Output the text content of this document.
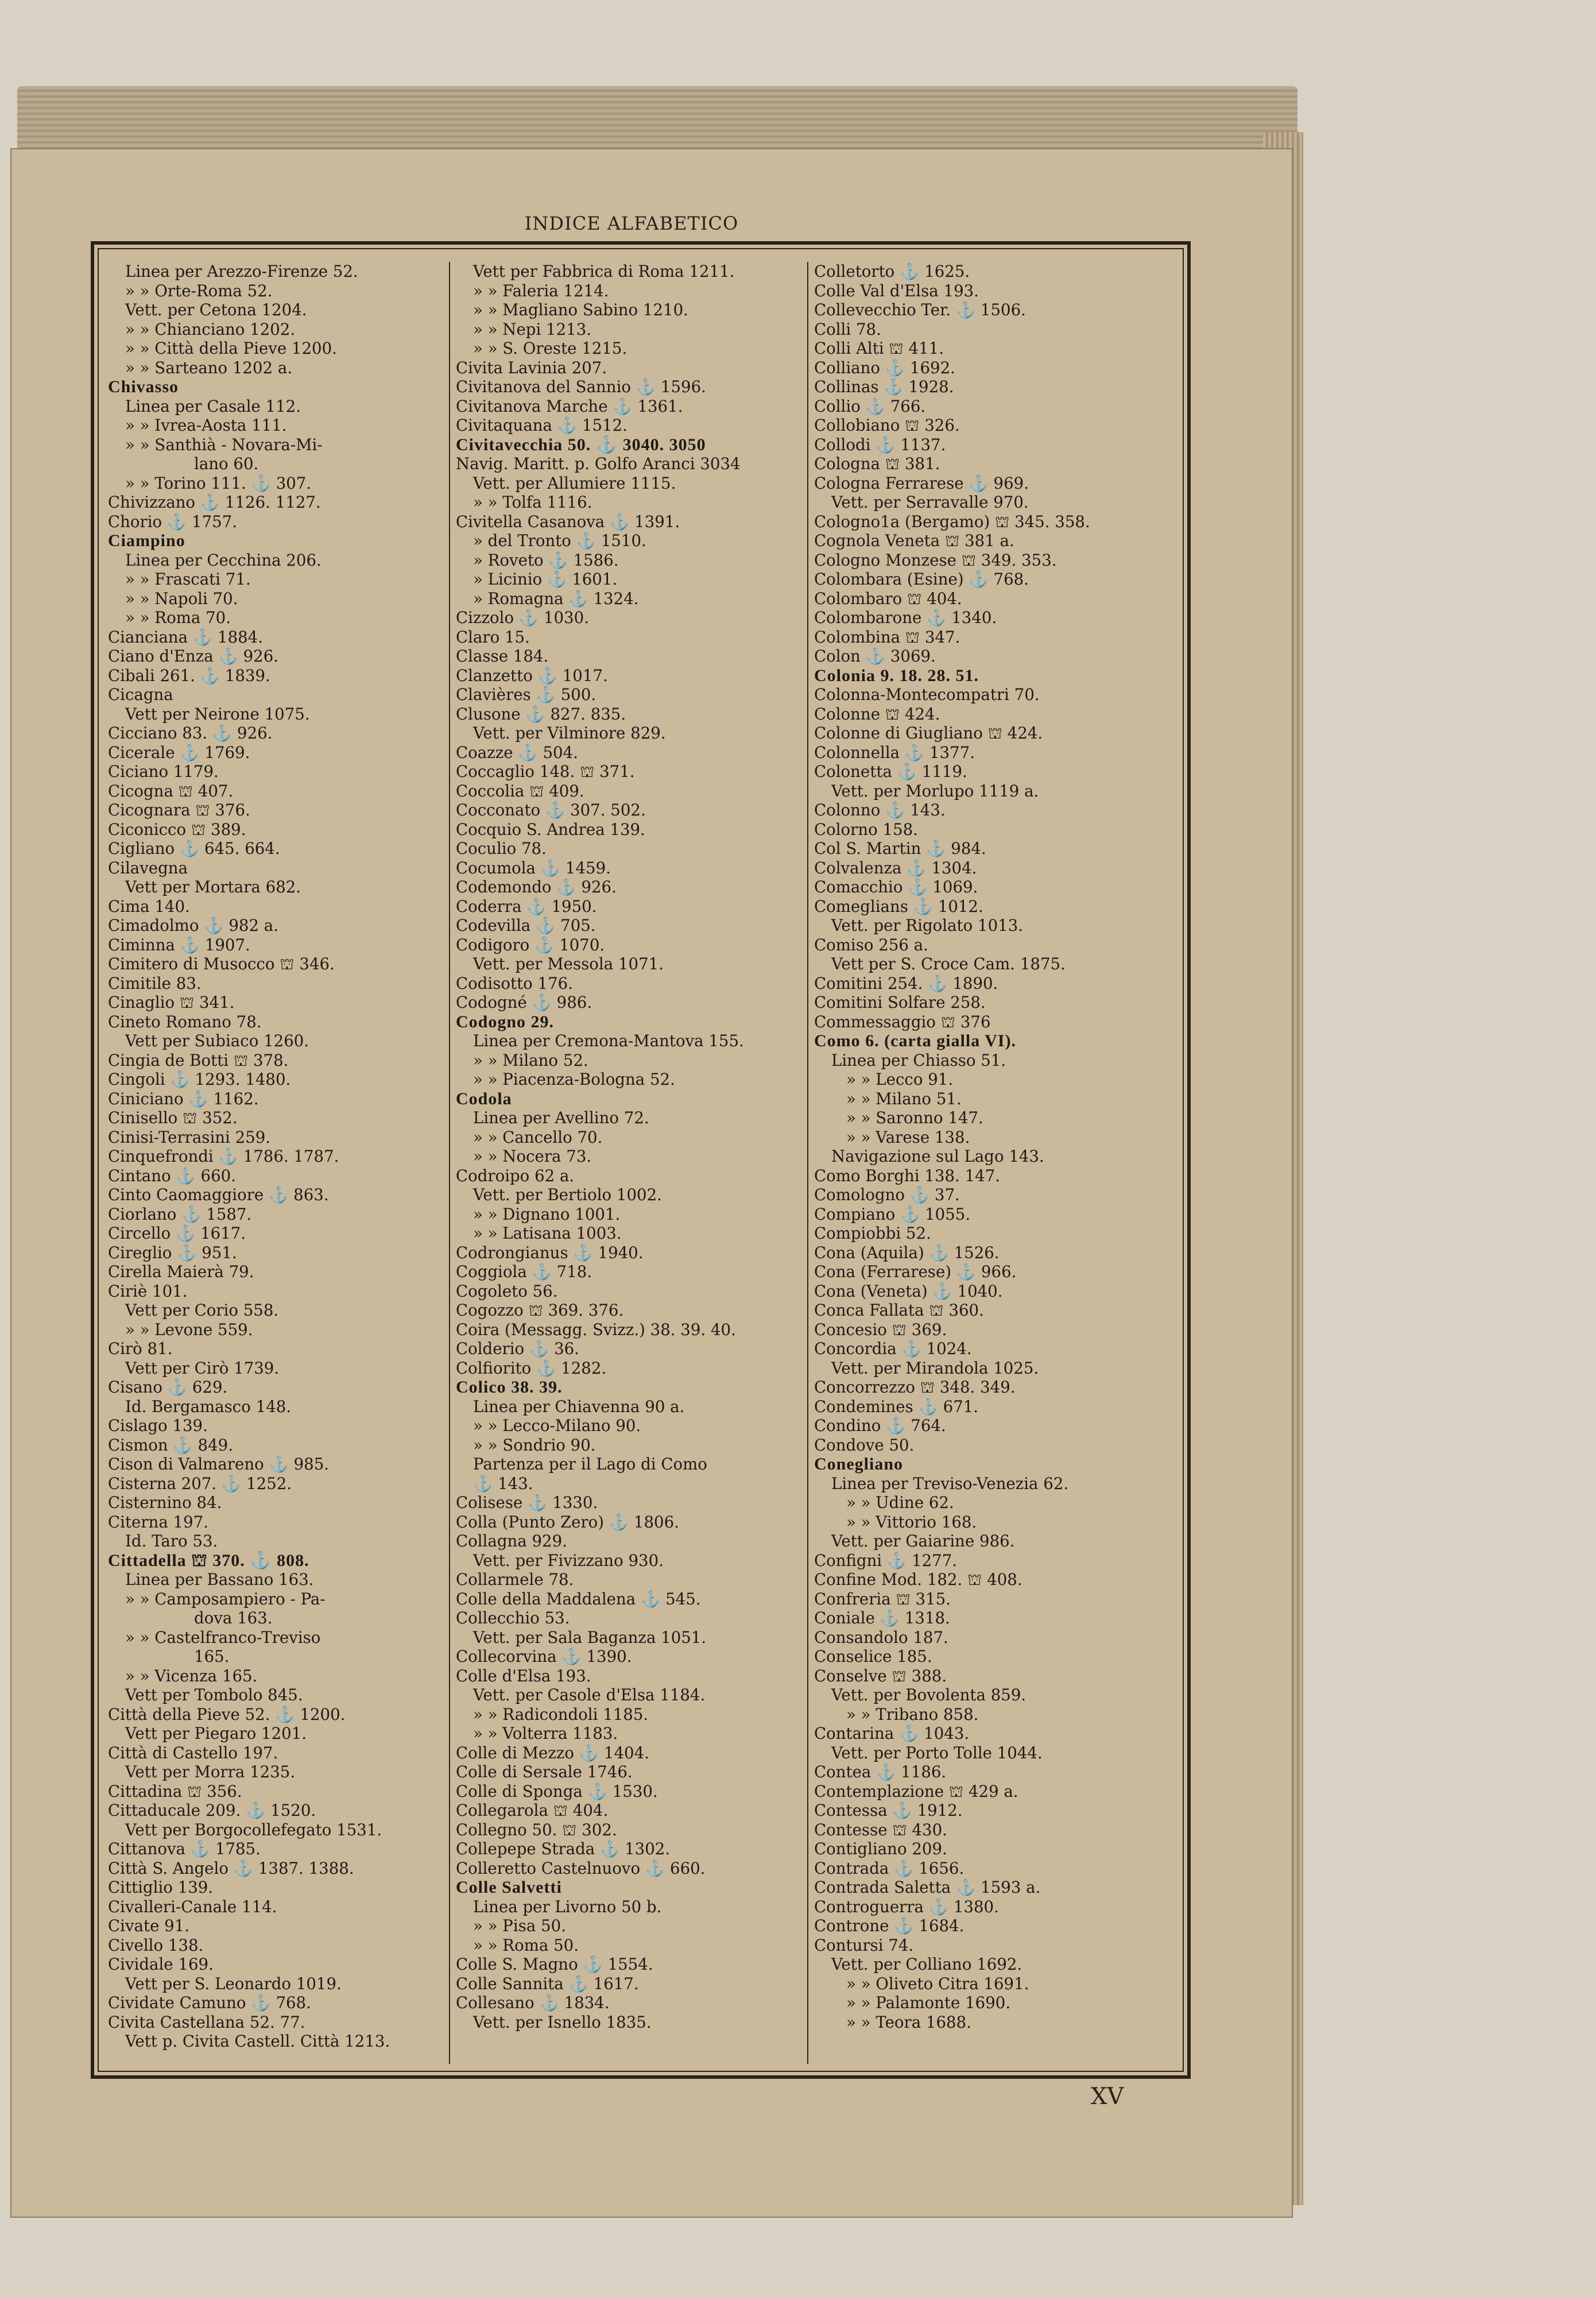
INDICE ALFABETICO
Linea per Arezzo-Firenze 52.
» » Orte-Roma 52.
Vett. per Cetona 1204.
» » Chianciano 1202.
» » Città della Pieve 1200.
» » Sarteano 1202 a.
Chivasso
Linea per Casale 112.
» » Ivrea-Aosta 111.
» » Santhià - Novara-Mi-
lano 60.
» » Torino 111. ⚓ 307.
Chivizzano ⚓ 1126. 1127.
Chorio ⚓ 1757.
Ciampino
Linea per Cecchina 206.
» » Frascati 71.
» » Napoli 70.
» » Roma 70.
Cianciana ⚓ 1884.
Ciano d'Enza ⚓ 926.
Cibali 261. ⚓ 1839.
Cicagna
Vett per Neirone 1075.
Cicciano 83. ⚓ 926.
Cicerale ⚓ 1769.
Ciciano 1179.
Cicogna ⛫ 407.
Cicognara ⛫ 376.
Ciconicco ⛫ 389.
Cigliano ⚓ 645. 664.
Cilavegna
Vett per Mortara 682.
Cima 140.
Cimadolmo ⚓ 982 a.
Ciminna ⚓ 1907.
Cimitero di Musocco ⛫ 346.
Cimitile 83.
Cinaglio ⛫ 341.
Cineto Romano 78.
Vett per Subiaco 1260.
Cingia de Botti ⛫ 378.
Cingoli ⚓ 1293. 1480.
Ciniciano ⚓ 1162.
Cinisello ⛫ 352.
Cinisi-Terrasini 259.
Cinquefrondi ⚓ 1786. 1787.
Cintano ⚓ 660.
Cinto Caomaggiore ⚓ 863.
Ciorlano ⚓ 1587.
Circello ⚓ 1617.
Cireglio ⚓ 951.
Cirella Maierà 79.
Ciriè 101.
Vett per Corio 558.
» » Levone 559.
Cirò 81.
Vett per Cirò 1739.
Cisano ⚓ 629.
Id. Bergamasco 148.
Cislago 139.
Cismon ⚓ 849.
Cison di Valmareno ⚓ 985.
Cisterna 207. ⚓ 1252.
Cisternino 84.
Citerna 197.
Id. Taro 53.
Cittadella ⛫ 370. ⚓ 808.
Linea per Bassano 163.
» » Camposampiero - Pa-
dova 163.
» » Castelfranco-Treviso
165.
» » Vicenza 165.
Vett per Tombolo 845.
Città della Pieve 52. ⚓ 1200.
Vett per Piegaro 1201.
Città di Castello 197.
Vett per Morra 1235.
Cittadina ⛫ 356.
Cittaducale 209. ⚓ 1520.
Vett per Borgocollefegato 1531.
Cittanova ⚓ 1785.
Città S. Angelo ⚓ 1387. 1388.
Cittiglio 139.
Civalleri-Canale 114.
Civate 91.
Civello 138.
Cividale 169.
Vett per S. Leonardo 1019.
Cividate Camuno ⚓ 768.
Civita Castellana 52. 77.
Vett p. Civita Castell. Città 1213.
Vett per Fabbrica di Roma 1211.
» » Faleria 1214.
» » Magliano Sabino 1210.
» » Nepi 1213.
» » S. Oreste 1215.
Civita Lavinia 207.
Civitanova del Sannio ⚓ 1596.
Civitanova Marche ⚓ 1361.
Civitaquana ⚓ 1512.
Civitavecchia 50. ⚓ 3040. 3050
Navig. Maritt. p. Golfo Aranci 3034
Vett. per Allumiere 1115.
» » Tolfa 1116.
Civitella Casanova ⚓ 1391.
» del Tronto ⚓ 1510.
» Roveto ⚓ 1586.
» Licinio ⚓ 1601.
» Romagna ⚓ 1324.
Cizzolo ⚓ 1030.
Claro 15.
Classe 184.
Clanzetto ⚓ 1017.
Clavières ⚓ 500.
Clusone ⚓ 827. 835.
Vett. per Vilminore 829.
Coazze ⚓ 504.
Coccaglio 148. ⛫ 371.
Coccolia ⛫ 409.
Cocconato ⚓ 307. 502.
Cocquio S. Andrea 139.
Coculio 78.
Cocumola ⚓ 1459.
Codemondo ⚓ 926.
Coderra ⚓ 1950.
Codevilla ⚓ 705.
Codigoro ⚓ 1070.
Vett. per Messola 1071.
Codisotto 176.
Codogné ⚓ 986.
Codogno 29.
Linea per Cremona-Mantova 155.
» » Milano 52.
» » Piacenza-Bologna 52.
Codola
Linea per Avellino 72.
» » Cancello 70.
» » Nocera 73.
Codroipo 62 a.
Vett. per Bertiolo 1002.
» » Dignano 1001.
» » Latisana 1003.
Codrongianus ⚓ 1940.
Coggiola ⚓ 718.
Cogoleto 56.
Cogozzo ⛫ 369. 376.
Coira (Messagg. Svizz.) 38. 39. 40.
Colderio ⚓ 36.
Colfiorito ⚓ 1282.
Colico 38. 39.
Linea per Chiavenna 90 a.
» » Lecco-Milano 90.
» » Sondrio 90.
Partenza per il Lago di Como
⚓ 143.
Colisese ⚓ 1330.
Colla (Punto Zero) ⚓ 1806.
Collagna 929.
Vett. per Fivizzano 930.
Collarmele 78.
Colle della Maddalena ⚓ 545.
Collecchio 53.
Vett. per Sala Baganza 1051.
Collecorvina ⚓ 1390.
Colle d'Elsa 193.
Vett. per Casole d'Elsa 1184.
» » Radicondoli 1185.
» » Volterra 1183.
Colle di Mezzo ⚓ 1404.
Colle di Sersale 1746.
Colle di Sponga ⚓ 1530.
Collegarola ⛫ 404.
Collegno 50. ⛫ 302.
Collepepe Strada ⚓ 1302.
Colleretto Castelnuovo ⚓ 660.
Colle Salvetti
Linea per Livorno 50 b.
» » Pisa 50.
» » Roma 50.
Colle S. Magno ⚓ 1554.
Colle Sannita ⚓ 1617.
Collesano ⚓ 1834.
Vett. per Isnello 1835.
Colletorto ⚓ 1625.
Colle Val d'Elsa 193.
Collevecchio Ter. ⚓ 1506.
Colli 78.
Colli Alti ⛫ 411.
Colliano ⚓ 1692.
Collinas ⚓ 1928.
Collio ⚓ 766.
Collobiano ⛫ 326.
Collodi ⚓ 1137.
Cologna ⛫ 381.
Cologna Ferrarese ⚓ 969.
Vett. per Serravalle 970.
Cologno1a (Bergamo) ⛫ 345. 358.
Cognola Veneta ⛫ 381 a.
Cologno Monzese ⛫ 349. 353.
Colombara (Esine) ⚓ 768.
Colombaro ⛫ 404.
Colombarone ⚓ 1340.
Colombina ⛫ 347.
Colon ⚓ 3069.
Colonia 9. 18. 28. 51.
Colonna-Montecompatri 70.
Colonne ⛫ 424.
Colonne di Giugliano ⛫ 424.
Colonnella ⚓ 1377.
Colonetta ⚓ 1119.
Vett. per Morlupo 1119 a.
Colonno ⚓ 143.
Colorno 158.
Col S. Martin ⚓ 984.
Colvalenza ⚓ 1304.
Comacchio ⚓ 1069.
Comeglians ⚓ 1012.
Vett. per Rigolato 1013.
Comiso 256 a.
Vett per S. Croce Cam. 1875.
Comitini 254. ⚓ 1890.
Comitini Solfare 258.
Commessaggio ⛫ 376
Como 6. (carta gialla VI).
Linea per Chiasso 51.
» » Lecco 91.
» » Milano 51.
» » Saronno 147.
» » Varese 138.
Navigazione sul Lago 143.
Como Borghi 138. 147.
Comologno ⚓ 37.
Compiano ⚓ 1055.
Compiobbi 52.
Cona (Aquila) ⚓ 1526.
Cona (Ferrarese) ⚓ 966.
Cona (Veneta) ⚓ 1040.
Conca Fallata ⛫ 360.
Concesio ⛫ 369.
Concordia ⚓ 1024.
Vett. per Mirandola 1025.
Concorrezzo ⛫ 348. 349.
Condemines ⚓ 671.
Condino ⚓ 764.
Condove 50.
Conegliano
Linea per Treviso-Venezia 62.
» » Udine 62.
» » Vittorio 168.
Vett. per Gaiarine 986.
Configni ⚓ 1277.
Confine Mod. 182. ⛫ 408.
Confreria ⛫ 315.
Coniale ⚓ 1318.
Consandolo 187.
Conselice 185.
Conselve ⛫ 388.
Vett. per Bovolenta 859.
» » Tribano 858.
Contarina ⚓ 1043.
Vett. per Porto Tolle 1044.
Contea ⚓ 1186.
Contemplazione ⛫ 429 a.
Contessa ⚓ 1912.
Contesse ⛫ 430.
Contigliano 209.
Contrada ⚓ 1656.
Contrada Saletta ⚓ 1593 a.
Controguerra ⚓ 1380.
Controne ⚓ 1684.
Contursi 74.
Vett. per Colliano 1692.
» » Oliveto Citra 1691.
» » Palamonte 1690.
» » Teora 1688.
XV
